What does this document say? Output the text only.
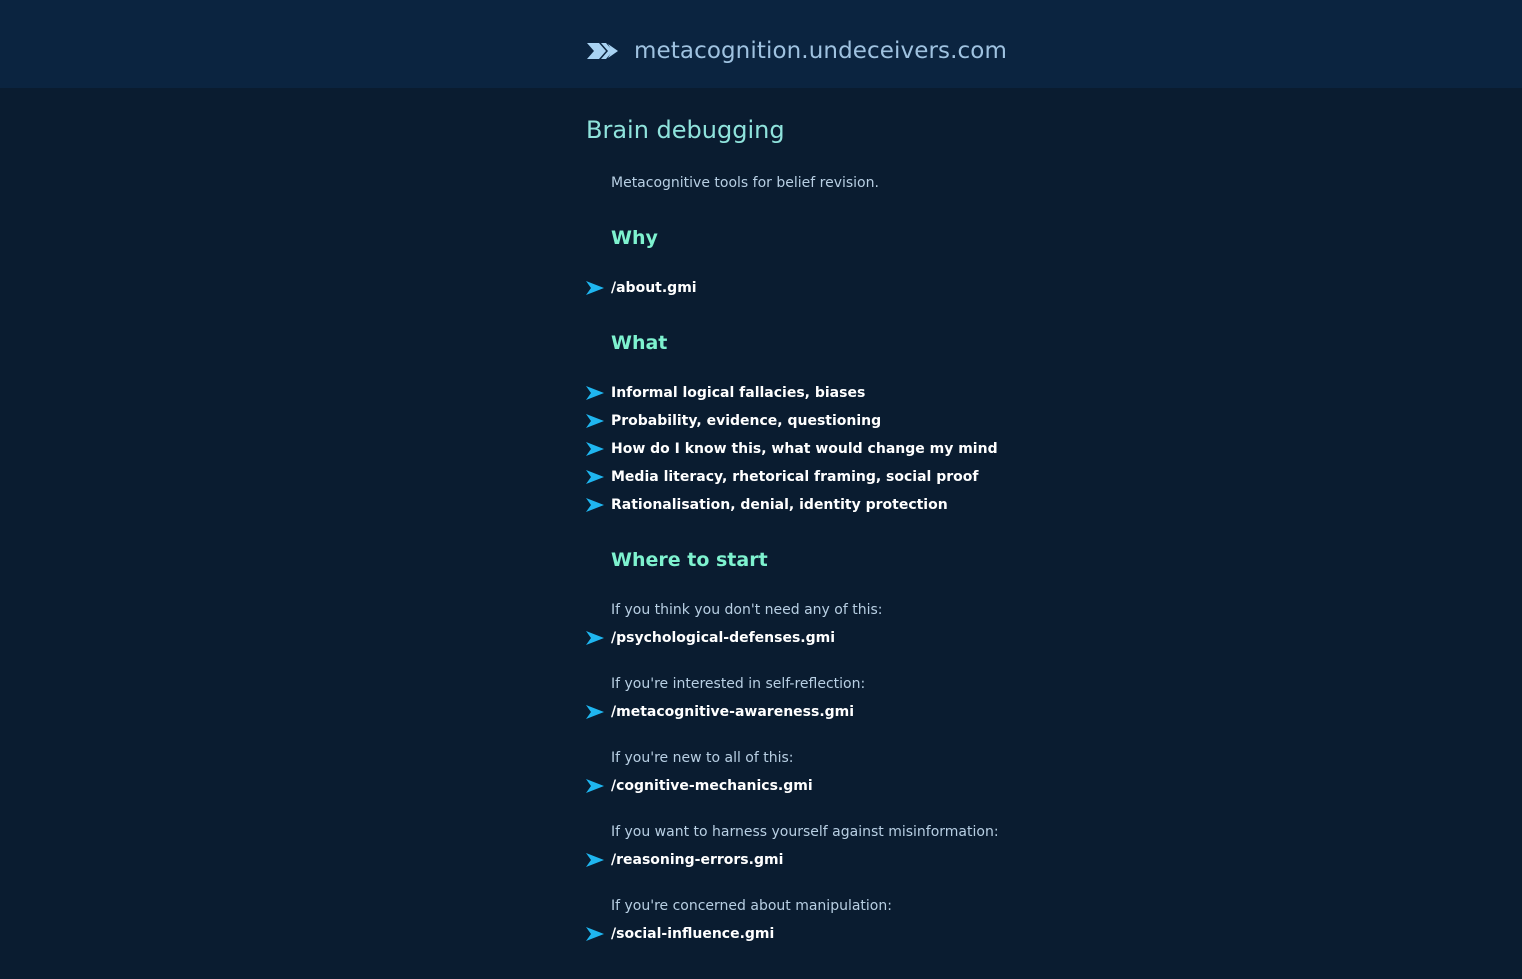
metacognition.undeceivers.com
Brain debugging
Metacognitive tools for belief revision.
Why
/about.gmi
What
Informal logical fallacies, biases
Probability, evidence, questioning
How do I know this, what would change my mind
Media literacy, rhetorical framing, social proof
Rationalisation, denial, identity protection
Where to start
If you think you don't need any of this:
/psychological-defenses.gmi
If you're interested in self-reflection:
/metacognitive-awareness.gmi
If you're new to all of this:
/cognitive-mechanics.gmi
If you want to harness yourself against misinformation:
/reasoning-errors.gmi
If you're concerned about manipulation:
/social-influence.gmi
